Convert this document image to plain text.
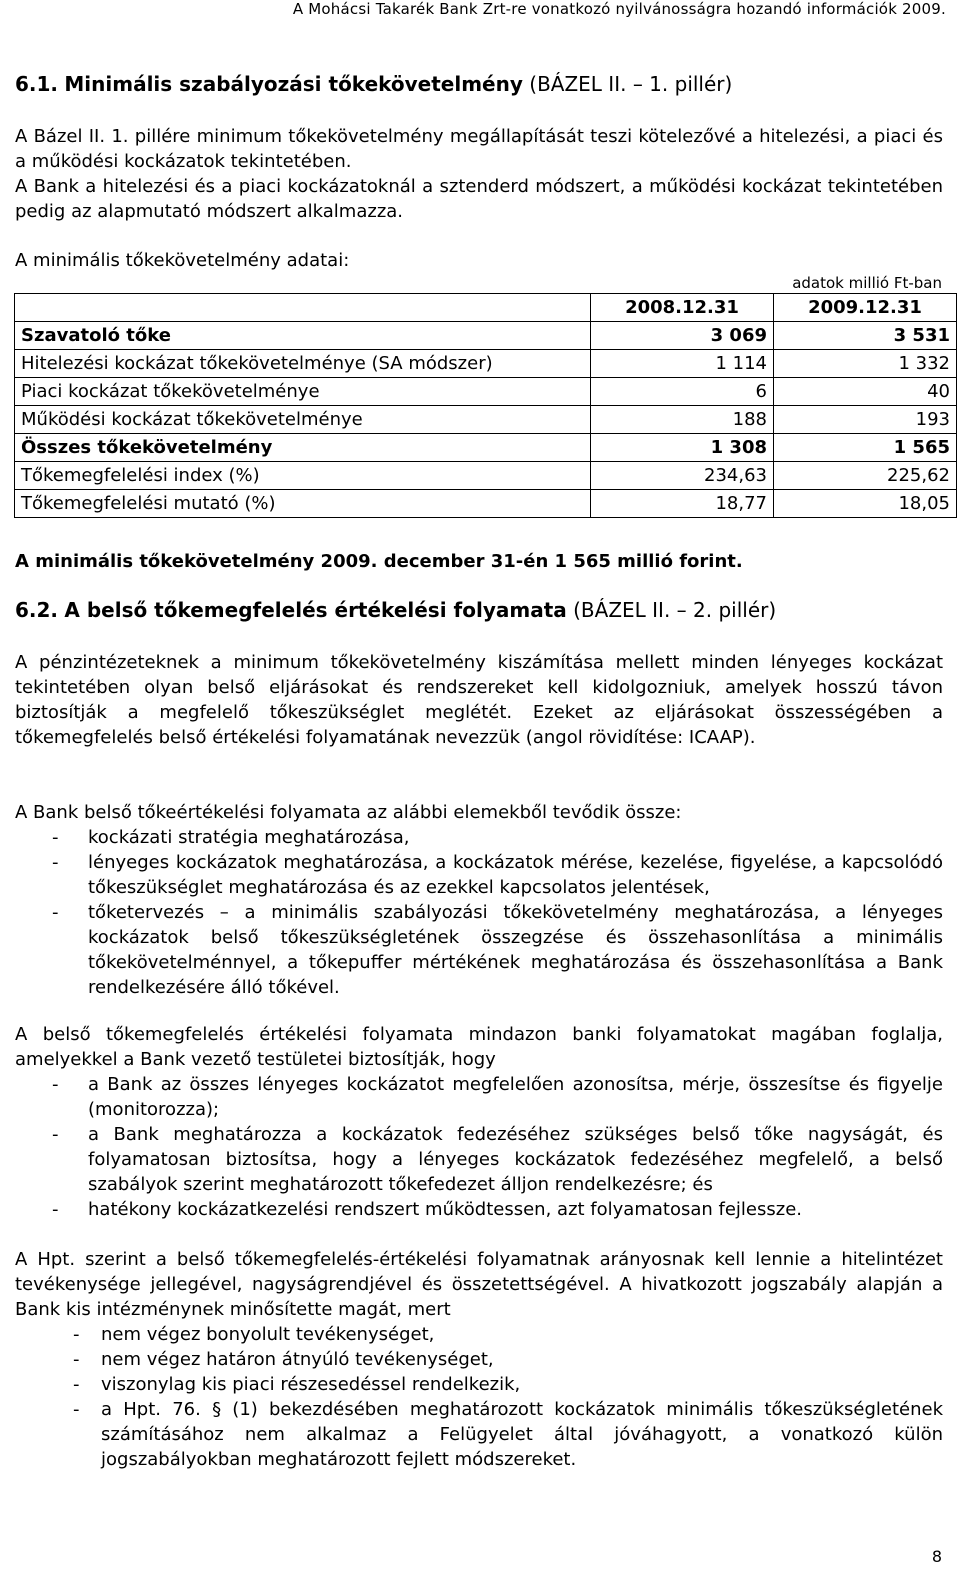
A Mohácsi Takarék Bank Zrt-re vonatkozó nyilvánosságra hozandó információk 2009.
6.1. Minimális szabályozási tőkekövetelmény (BÁZEL II. – 1. pillér)
A Bázel II. 1. pillére minimum tőkekövetelmény megállapítását teszi kötelezővé a hitelezési, a piaci és a működési kockázatok tekintetében.
A Bank a hitelezési és a piaci kockázatoknál a sztenderd módszert, a működési kockázat tekintetében pedig az alapmutató módszert alkalmazza.
A minimális tőkekövetelmény adatai:
adatok millió Ft-ban
	2008.12.31	2009.12.31
Szavatoló tőke	3 069	3 531
Hitelezési kockázat tőkekövetelménye (SA módszer)	1 114	1 332
Piaci kockázat tőkekövetelménye	6	40
Működési kockázat tőkekövetelménye	188	193
Összes tőkekövetelmény	1 308	1 565
Tőkemegfelelési index (%)	234,63	225,62
Tőkemegfelelési mutató (%)	18,77	18,05
A minimális tőkekövetelmény 2009. december 31-én 1 565 millió forint.
6.2. A belső tőkemegfelelés értékelési folyamata (BÁZEL II. – 2. pillér)
A pénzintézeteknek a minimum tőkekövetelmény kiszámítása mellett minden lényeges kockázat tekintetében olyan belső eljárásokat és rendszereket kell kidolgozniuk, amelyek hosszú távon biztosítják a megfelelő tőkeszükséglet meglétét. Ezeket az eljárásokat összességében a tőkemegfelelés belső értékelési folyamatának nevezzük (angol rövidítése: ICAAP).
A Bank belső tőkeértékelési folyamata az alábbi elemekből tevődik össze:
- kockázati stratégia meghatározása,
- lényeges kockázatok meghatározása, a kockázatok mérése, kezelése, figyelése, a kapcsolódó tőkeszükséglet meghatározása és az ezekkel kapcsolatos jelentések,
- tőketervezés – a minimális szabályozási tőkekövetelmény meghatározása, a lényeges kockázatok belső tőkeszükségletének összegzése és összehasonlítása a minimális tőkekövetelménnyel, a tőkepuffer mértékének meghatározása és összehasonlítása a Bank rendelkezésére álló tőkével.
A belső tőkemegfelelés értékelési folyamata mindazon banki folyamatokat magában foglalja, amelyekkel a Bank vezető testületei biztosítják, hogy
- a Bank az összes lényeges kockázatot megfelelően azonosítsa, mérje, összesítse és figyelje (monitorozza);
- a Bank meghatározza a kockázatok fedezéséhez szükséges belső tőke nagyságát, és folyamatosan biztosítsa, hogy a lényeges kockázatok fedezéséhez megfelelő, a belső szabályok szerint meghatározott tőkefedezet álljon rendelkezésre; és
- hatékony kockázatkezelési rendszert működtessen, azt folyamatosan fejlessze.
A Hpt. szerint a belső tőkemegfelelés-értékelési folyamatnak arányosnak kell lennie a hitelintézet tevékenysége jellegével, nagyságrendjével és összetettségével. A hivatkozott jogszabály alapján a Bank kis intézménynek minősítette magát, mert
- nem végez bonyolult tevékenységet,
- nem végez határon átnyúló tevékenységet,
- viszonylag kis piaci részesedéssel rendelkezik,
- a Hpt. 76. § (1) bekezdésében meghatározott kockázatok minimális tőkeszükségletének számításához nem alkalmaz a Felügyelet által jóváhagyott, a vonatkozó külön jogszabályokban meghatározott fejlett módszereket.
8
